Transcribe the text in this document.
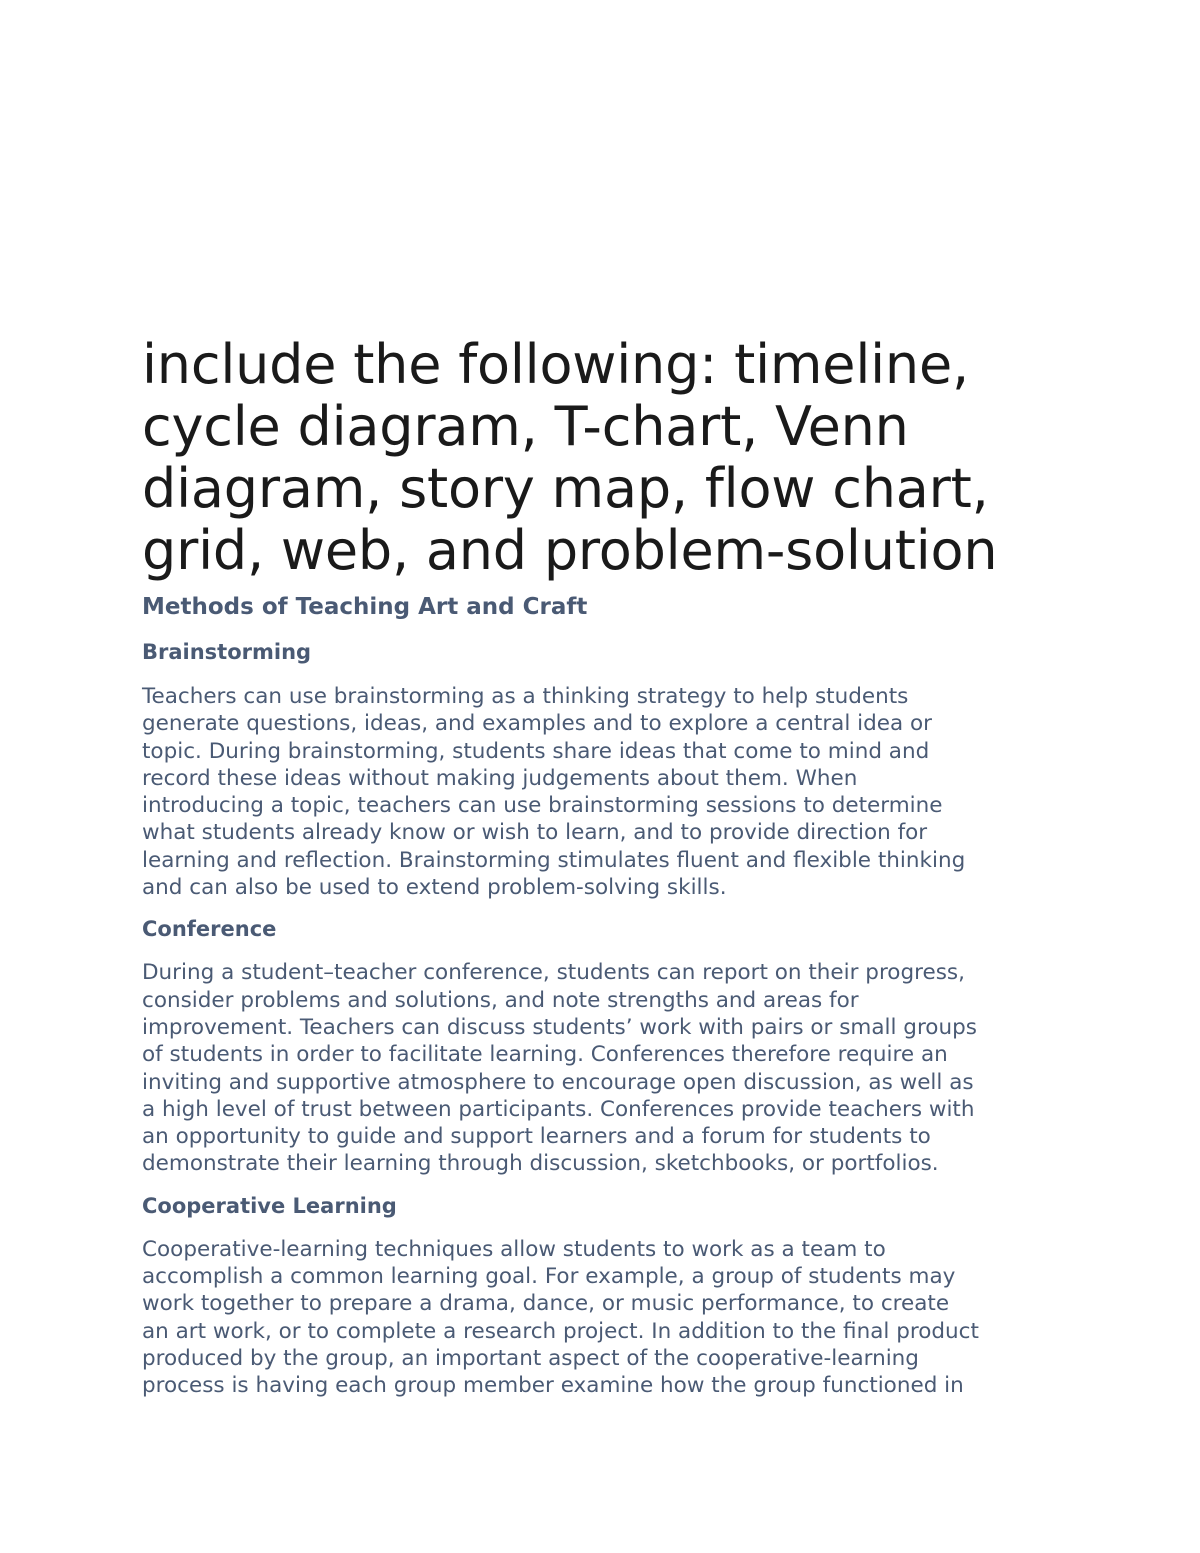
include the following: timeline,
cycle diagram, T-chart, Venn
diagram, story map, flow chart,
grid, web, and problem-solution
Methods of Teaching Art and Craft
Brainstorming

Teachers can use brainstorming as a thinking strategy to help students
generate questions, ideas, and examples and to explore a central idea or
topic. During brainstorming, students share ideas that come to mind and
record these ideas without making judgements about them. When
introducing a topic, teachers can use brainstorming sessions to determine
what students already know or wish to learn, and to provide direction for
learning and reflection. Brainstorming stimulates fluent and flexible thinking
and can also be used to extend problem-solving skills.

Conference

During a student–teacher conference, students can report on their progress,
consider problems and solutions, and note strengths and areas for
improvement. Teachers can discuss students’ work with pairs or small groups
of students in order to facilitate learning. Conferences therefore require an
inviting and supportive atmosphere to encourage open discussion, as well as
a high level of trust between participants. Conferences provide teachers with
an opportunity to guide and support learners and a forum for students to
demonstrate their learning through discussion, sketchbooks, or portfolios.

Cooperative Learning

Cooperative-learning techniques allow students to work as a team to
accomplish a common learning goal. For example, a group of students may
work together to prepare a drama, dance, or music performance, to create
an art work, or to complete a research project. In addition to the final product
produced by the group, an important aspect of the cooperative-learning
process is having each group member examine how the group functioned in
